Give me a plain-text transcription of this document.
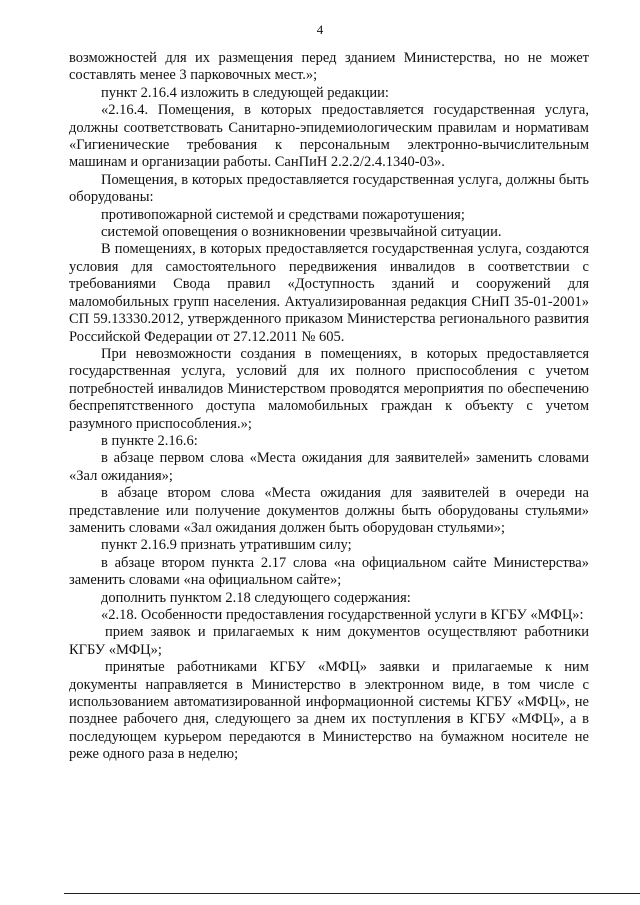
4

возможностей для их размещения перед зданием Министерства, но не может составлять менее 3 парковочных мест.»;

пункт 2.16.4 изложить в следующей редакции:

«2.16.4. Помещения, в которых предоставляется государственная услуга, должны соответствовать Санитарно-эпидемиологическим правилам и нормативам «Гигиенические требования к персональным электронно-вычислительным машинам и организации работы. СанПиН 2.2.2/2.4.1340-03».

Помещения, в которых предоставляется государственная услуга, должны быть оборудованы:

противопожарной системой и средствами пожаротушения;

системой оповещения о возникновении чрезвычайной ситуации.

В помещениях, в которых предоставляется государственная услуга, создаются условия для самостоятельного передвижения инвалидов в соответствии с требованиями Свода правил «Доступность зданий и сооружений для маломобильных групп населения. Актуализированная редакция СНиП 35-01-2001» СП 59.13330.2012, утвержденного приказом Министерства регионального развития Российской Федерации от 27.12.2011 № 605.

При невозможности создания в помещениях, в которых предоставляется государственная услуга, условий для их полного приспособления с учетом потребностей инвалидов Министерством проводятся мероприятия по обеспечению беспрепятственного доступа маломобильных граждан к объекту с учетом разумного приспособления.»;

в пункте 2.16.6:

в абзаце первом слова «Места ожидания для заявителей» заменить словами «Зал ожидания»;

в абзаце втором слова «Места ожидания для заявителей в очереди на представление или получение документов должны быть оборудованы стульями» заменить словами «Зал ожидания должен быть оборудован стульями»;

пункт 2.16.9 признать утратившим силу;

в абзаце втором пункта 2.17 слова «на официальном сайте Министерства» заменить словами «на официальном сайте»;

дополнить пунктом 2.18 следующего содержания:

«2.18. Особенности предоставления государственной услуги в КГБУ «МФЦ»:

прием заявок и прилагаемых к ним документов осуществляют работники КГБУ «МФЦ»;

принятые работниками КГБУ «МФЦ» заявки и прилагаемые к ним документы направляется в Министерство в электронном виде, в том числе с использованием автоматизированной информационной системы КГБУ «МФЦ», не позднее рабочего дня, следующего за днем их поступления в КГБУ «МФЦ», а в последующем курьером передаются в Министерство на бумажном носителе не реже одного раза в неделю;
